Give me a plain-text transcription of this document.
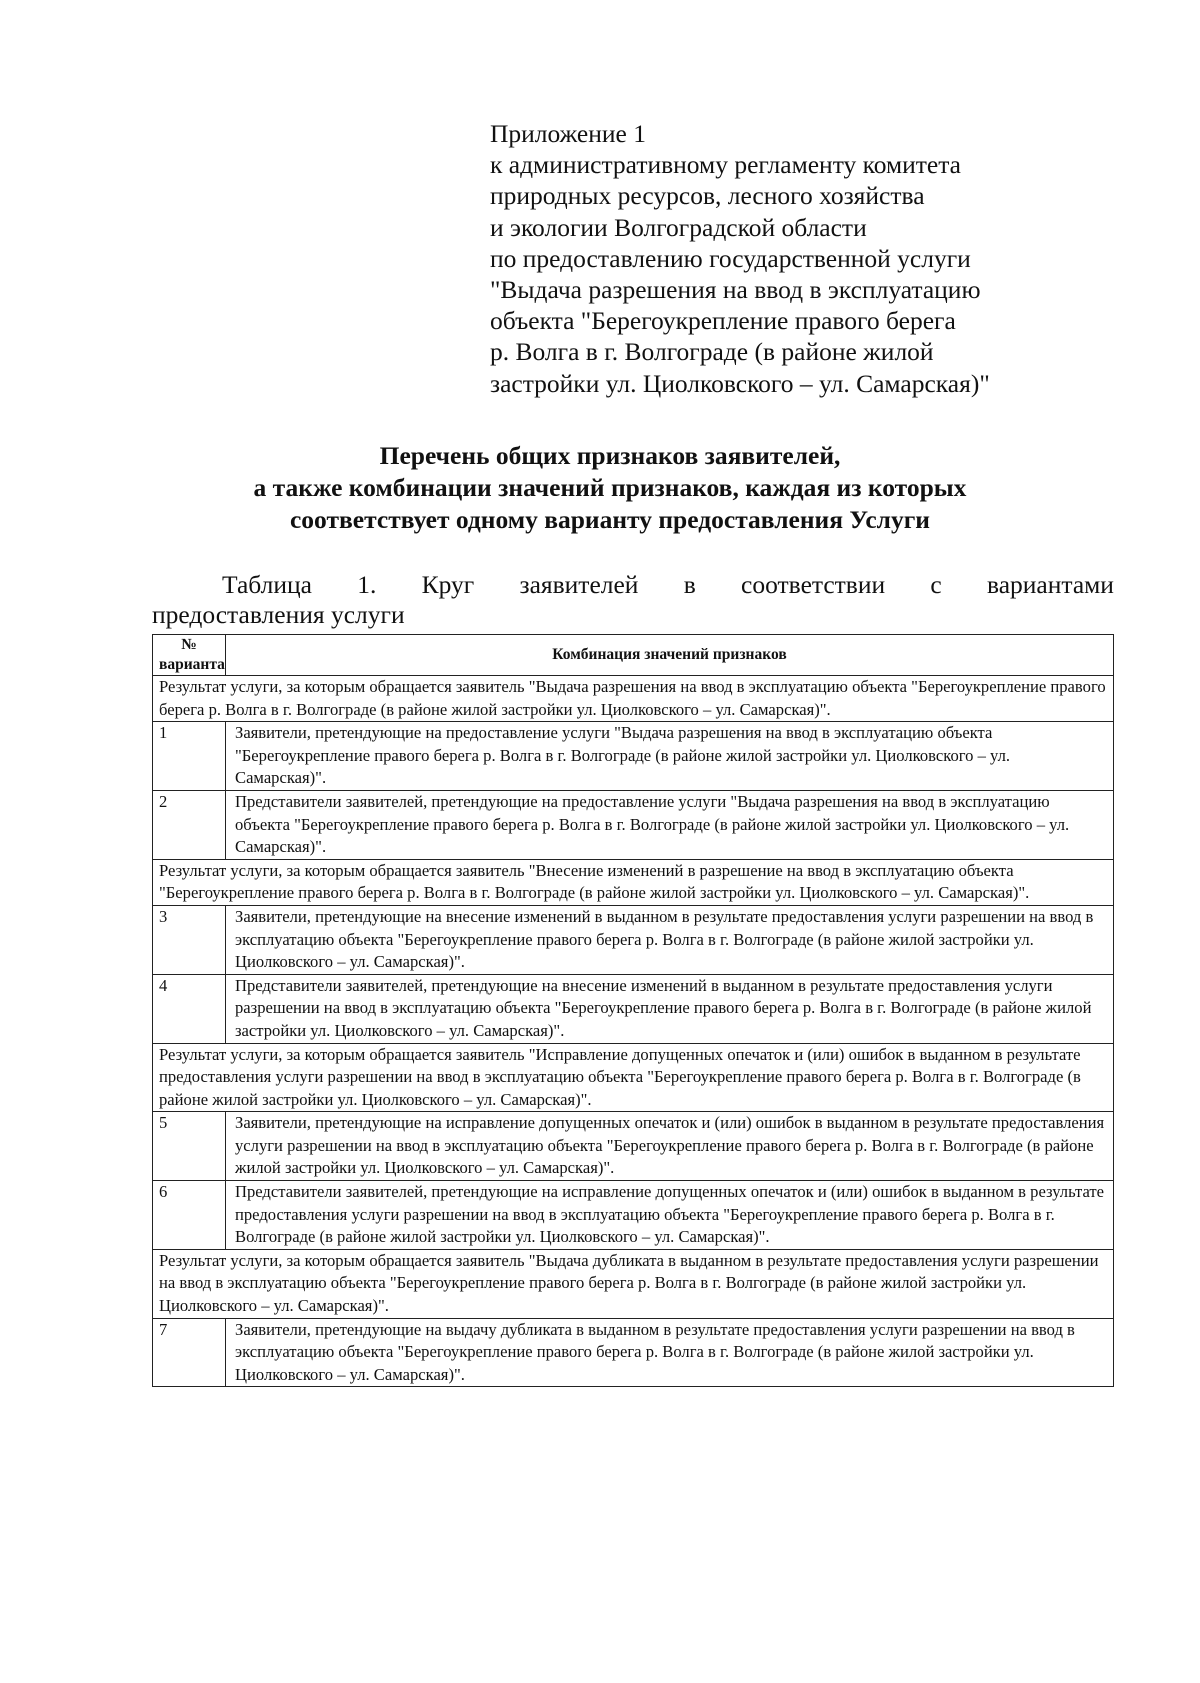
Приложение 1
к административному регламенту комитета
природных ресурсов, лесного хозяйства
и экологии Волгоградской области
по предоставлению государственной услуги
"Выдача разрешения на ввод в эксплуатацию
объекта "Берегоукрепление правого берега
р. Волга в г. Волгограде (в районе жилой
застройки ул. Циолковского – ул. Самарская)"
Перечень общих признаков заявителей,
а также комбинации значений признаков, каждая из которых
соответствует одному варианту предоставления Услуги
Таблица 1. Круг заявителей в соответствии с вариантами
предоставления услуги
№ варианта	Комбинация значений признаков
Результат услуги, за которым обращается заявитель "Выдача разрешения на ввод в эксплуатацию объекта "Берегоукрепление правого берега р. Волга в г. Волгограде (в районе жилой застройки ул. Циолковского – ул. Самарская)".	
1	Заявители, претендующие на предоставление услуги "Выдача разрешения на ввод в эксплуатацию объекта "Берегоукрепление правого берега р. Волга в г. Волгограде (в районе жилой застройки ул. Циолковского – ул. Самарская)".
2	Представители заявителей, претендующие на предоставление услуги "Выдача разрешения на ввод в эксплуатацию объекта "Берегоукрепление правого берега р. Волга в г. Волгограде (в районе жилой застройки ул. Циолковского – ул. Самарская)".
Результат услуги, за которым обращается заявитель "Внесение изменений в разрешение на ввод в эксплуатацию объекта "Берегоукрепление правого берега р. Волга в г. Волгограде (в районе жилой застройки ул. Циолковского – ул. Самарская)".	
3	Заявители, претендующие на внесение изменений в выданном в результате предоставления услуги разрешении на ввод в эксплуатацию объекта "Берегоукрепление правого берега р. Волга в г. Волгограде (в районе жилой застройки ул. Циолковского – ул. Самарская)".
4	Представители заявителей, претендующие на внесение изменений в выданном в результате предоставления услуги разрешении на ввод в эксплуатацию объекта "Берегоукрепление правого берега р. Волга в г. Волгограде (в районе жилой застройки ул. Циолковского – ул. Самарская)".
Результат услуги, за которым обращается заявитель "Исправление допущенных опечаток и (или) ошибок в выданном в результате предоставления услуги разрешении на ввод в эксплуатацию объекта "Берегоукрепление правого берега р. Волга в г. Волгограде (в районе жилой застройки ул. Циолковского – ул. Самарская)".	
5	Заявители, претендующие на исправление допущенных опечаток и (или) ошибок в выданном в результате предоставления услуги разрешении на ввод в эксплуатацию объекта "Берегоукрепление правого берега р. Волга в г. Волгограде (в районе жилой застройки ул. Циолковского – ул. Самарская)".
6	Представители заявителей, претендующие на исправление допущенных опечаток и (или) ошибок в выданном в результате предоставления услуги разрешении на ввод в эксплуатацию объекта "Берегоукрепление правого берега р. Волга в г. Волгограде (в районе жилой застройки ул. Циолковского – ул. Самарская)".
Результат услуги, за которым обращается заявитель "Выдача дубликата в выданном в результате предоставления услуги разрешении на ввод в эксплуатацию объекта "Берегоукрепление правого берега р. Волга в г. Волгограде (в районе жилой застройки ул. Циолковского – ул. Самарская)".	
7	Заявители, претендующие на выдачу дубликата в выданном в результате предоставления услуги разрешении на ввод в эксплуатацию объекта "Берегоукрепление правого берега р. Волга в г. Волгограде (в районе жилой застройки ул. Циолковского – ул. Самарская)".
